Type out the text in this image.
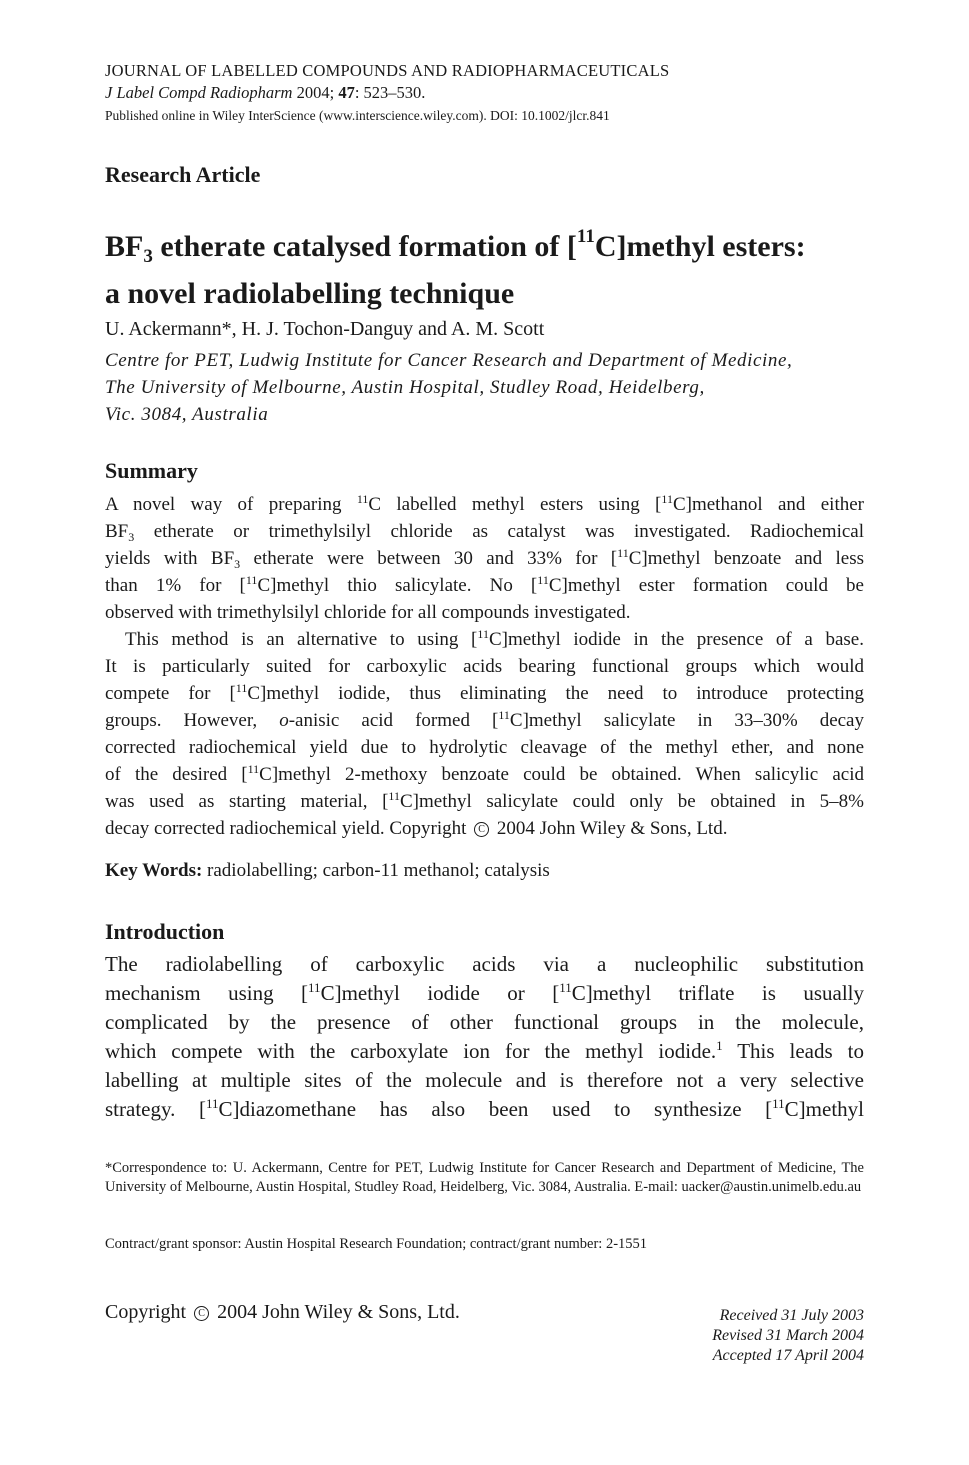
JOURNAL OF LABELLED COMPOUNDS AND RADIOPHARMACEUTICALS
J Label Compd Radiopharm 2004; 47: 523–530.
Published online in Wiley InterScience (www.interscience.wiley.com). DOI: 10.1002/jlcr.841
Research Article
$BF_3$ etherate catalysed formation of [$^{11}$C]methyl esters:
a novel radiolabelling technique
U. Ackermann*, H. J. Tochon-Danguy and A. M. Scott
Centre for PET, Ludwig Institute for Cancer Research and Department of Medicine,
The University of Melbourne, Austin Hospital, Studley Road, Heidelberg,
Vic. 3084, Australia
Summary
A novel way of preparing $^{11}$C labelled methyl esters using [$^{11}$C]methanol and either
$BF_3$ etherate or trimethylsilyl chloride as catalyst was investigated. Radiochemical
yields with $BF_3$ etherate were between 30 and 33% for [$^{11}$C]methyl benzoate and less
than 1% for [$^{11}$C]methyl thio salicylate. No [$^{11}$C]methyl ester formation could be
observed with trimethylsilyl chloride for all compounds investigated.
This method is an alternative to using [$^{11}$C]methyl iodide in the presence of a base.
It is particularly suited for carboxylic acids bearing functional groups which would
compete for [$^{11}$C]methyl iodide, thus eliminating the need to introduce protecting
groups. However, o-anisic acid formed [$^{11}$C]methyl salicylate in 33–30% decay
corrected radiochemical yield due to hydrolytic cleavage of the methyl ether, and none
of the desired [$^{11}$C]methyl 2-methoxy benzoate could be obtained. When salicylic acid
was used as starting material, [$^{11}$C]methyl salicylate could only be obtained in 5–8%
decay corrected radiochemical yield. Copyright C 2004 John Wiley & Sons, Ltd.
Key Words: radiolabelling; carbon-11 methanol; catalysis
Introduction
The radiolabelling of carboxylic acids via a nucleophilic substitution
mechanism using [$^{11}$C]methyl iodide or [$^{11}$C]methyl triflate is usually
complicated by the presence of other functional groups in the molecule,
which compete with the carboxylate ion for the methyl iodide.$^1$ This leads to
labelling at multiple sites of the molecule and is therefore not a very selective
strategy. [$^{11}$C]diazomethane has also been used to synthesize [$^{11}$C]methyl
*Correspondence to: U. Ackermann, Centre for PET, Ludwig Institute for Cancer Research and Department of Medicine, The University of Melbourne, Austin Hospital, Studley Road, Heidelberg, Vic. 3084, Australia. E-mail: uacker@austin.unimelb.edu.au
Contract/grant sponsor: Austin Hospital Research Foundation; contract/grant number: 2-1551
Copyright C 2004 John Wiley & Sons, Ltd.	Received 31 July 2003
Revised 31 March 2004
Accepted 17 April 2004
